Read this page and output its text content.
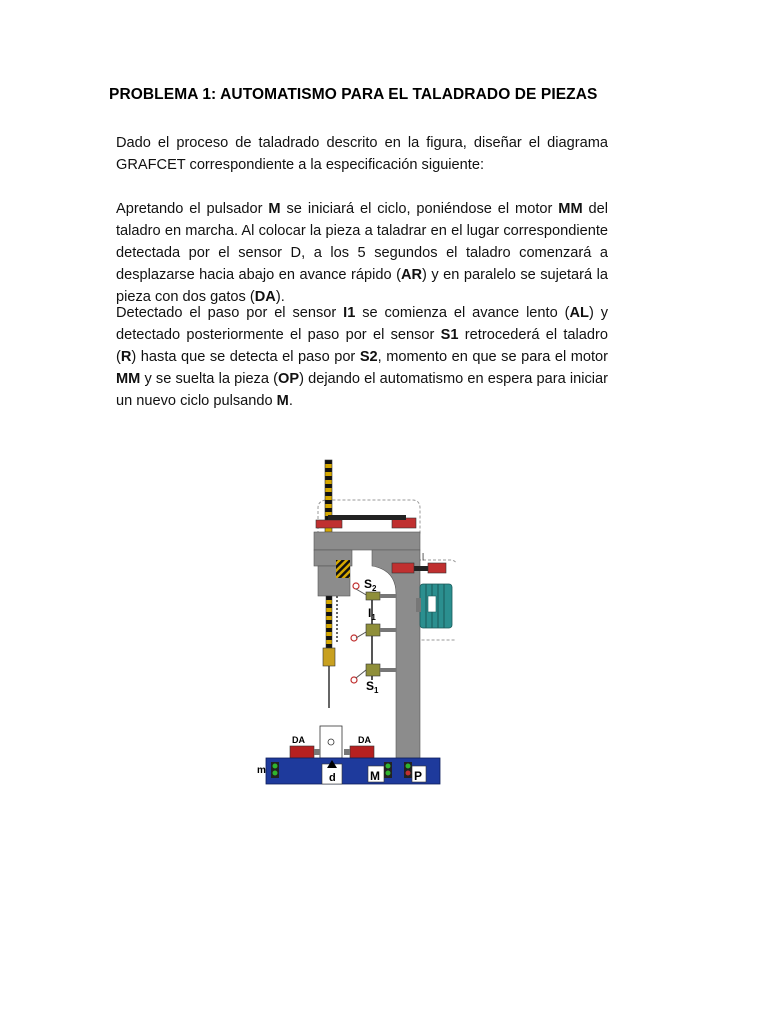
PROBLEMA 1: AUTOMATISMO PARA EL TALADRADO DE PIEZAS
Dado el proceso de taladrado descrito en la figura, diseñar el diagrama GRAFCET correspondiente a la especificación siguiente:
Apretando el pulsador M se iniciará el ciclo, poniéndose el motor MM del taladro en marcha. Al colocar la pieza a taladrar en el lugar correspondiente detectada por el sensor D, a los 5 segundos el taladro comenzará a desplazarse hacia abajo en avance rápido (AR) y en paralelo se sujetará la pieza con dos gatos (DA).
Detectado el paso por el sensor I1 se comienza el avance lento (AL) y detectado posteriormente el paso por el sensor S1 retrocederá el taladro (R) hasta que se detecta el paso por S2, momento en que se para el motor MM y se suelta la pieza (OP) dejando el automatismo en espera para iniciar un nuevo ciclo pulsando M.
|
$S_2$
$I_1$
$S_1$
DA	DA
m
d	M	P
